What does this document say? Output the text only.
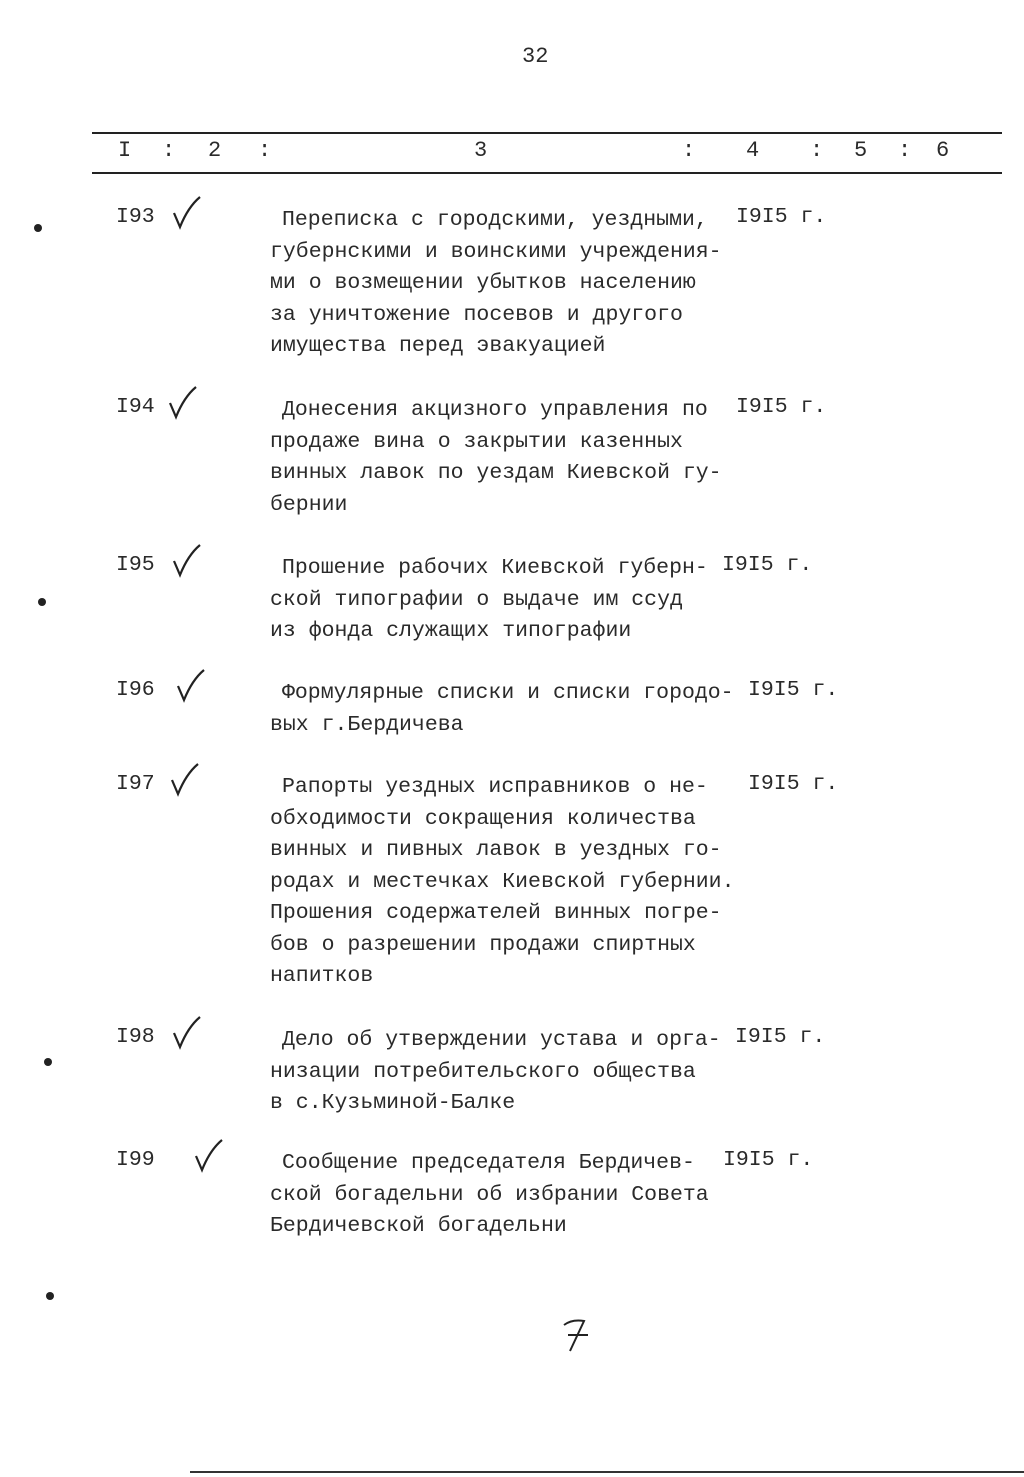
32
I : 2 :	3	: 4 : 5 : 6
I93	Переписка с городскими, уездными,
губернскими и воинскими учреждения-
ми о возмещении убытков населению
за уничтожение посевов и другого
имущества перед эвакуацией
I9I5 г.
I94	Донесения акцизного управления по
продаже вина о закрытии казенных
винных лавок по уездам Киевской гу-
бернии
I9I5 г.
I95	Прошение рабочих Киевской губерн-
ской типографии о выдаче им ссуд
из фонда служащих типографии
I9I5 г.
I96	Формулярные списки и списки городо-
вых г.Бердичева
I9I5 г.
I97	Рапорты уездных исправников о не-
обходимости сокращения количества
винных и пивных лавок в уездных го-
родах и местечках Киевской губернии.
Прошения содержателей винных погре-
бов о разрешении продажи спиртных
напитков
I9I5 г.
I98	Дело об утверждении устава и орга-
низации потребительского общества
в с.Кузьминой-Балке
I9I5 г.
I99	Сообщение председателя Бердичев-
ской богадельни об избрании Совета
Бердичевской богадельни
I9I5 г.
